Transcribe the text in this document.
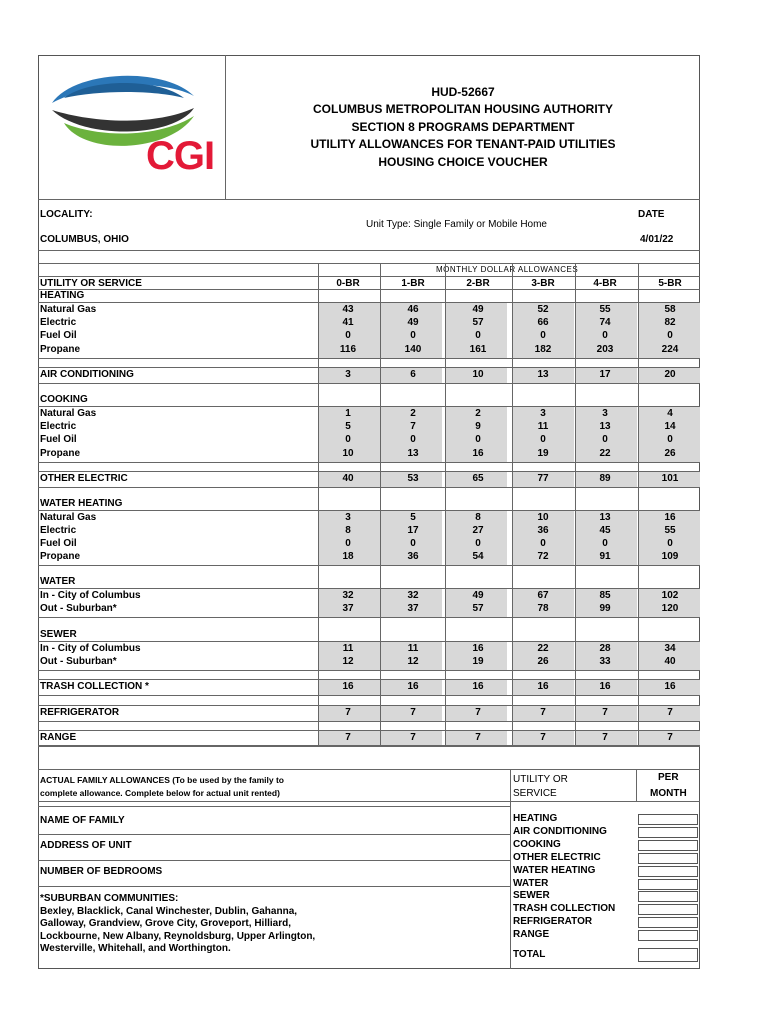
CGI
HUD-52667
COLUMBUS METROPOLITAN HOUSING AUTHORITY
SECTION 8 PROGRAMS DEPARTMENT
UTILITY ALLOWANCES FOR TENANT-PAID UTILITIES
HOUSING CHOICE VOUCHER
LOCALITY:
COLUMBUS, OHIO
Unit Type: Single Family or Mobile Home
DATE
4/01/22
MONTHLY DOLLAR ALLOWANCES
UTILITY OR SERVICE	0-BR	1-BR	2-BR	3-BR	4-BR	5-BR
HEATING
Natural Gas	43	46	49	52	55	58
Electric	41	49	57	66	74	82
Fuel Oil	0	0	0	0	0	0
Propane	116	140	161	182	203	224
AIR CONDITIONING	3	6	10	13	17	20
COOKING
Natural Gas	1	2	2	3	3	4
Electric	5	7	9	11	13	14
Fuel Oil	0	0	0	0	0	0
Propane	10	13	16	19	22	26
OTHER ELECTRIC	40	53	65	77	89	101
WATER HEATING
Natural Gas	3	5	8	10	13	16
Electric	8	17	27	36	45	55
Fuel Oil	0	0	0	0	0	0
Propane	18	36	54	72	91	109
WATER
In - City of Columbus	32	32	49	67	85	102
Out - Suburban*	37	37	57	78	99	120
SEWER
In - City of Columbus	11	11	16	22	28	34
Out - Suburban*	12	12	19	26	33	40
TRASH COLLECTION *	16	16	16	16	16	16
REFRIGERATOR	7	7	7	7	7	7
RANGE	7	7	7	7	7	7
ACTUAL FAMILY ALLOWANCES (To be used by the family to
complete allowance. Complete below for actual unit rented)
UTILITY OR
SERVICE
PER
MONTH
NAME OF FAMILY
ADDRESS OF UNIT
NUMBER OF BEDROOMS
*SUBURBAN COMMUNITIES:
Bexley, Blacklick, Canal Winchester, Dublin, Gahanna,
Galloway, Grandview, Grove City, Groveport, Hilliard,
Lockbourne, New Albany, Reynoldsburg, Upper Arlington,
Westerville, Whitehall, and Worthington.
HEATING
AIR CONDITIONING
COOKING
OTHER ELECTRIC
WATER HEATING
WATER
SEWER
TRASH COLLECTION
REFRIGERATOR
RANGE
TOTAL
